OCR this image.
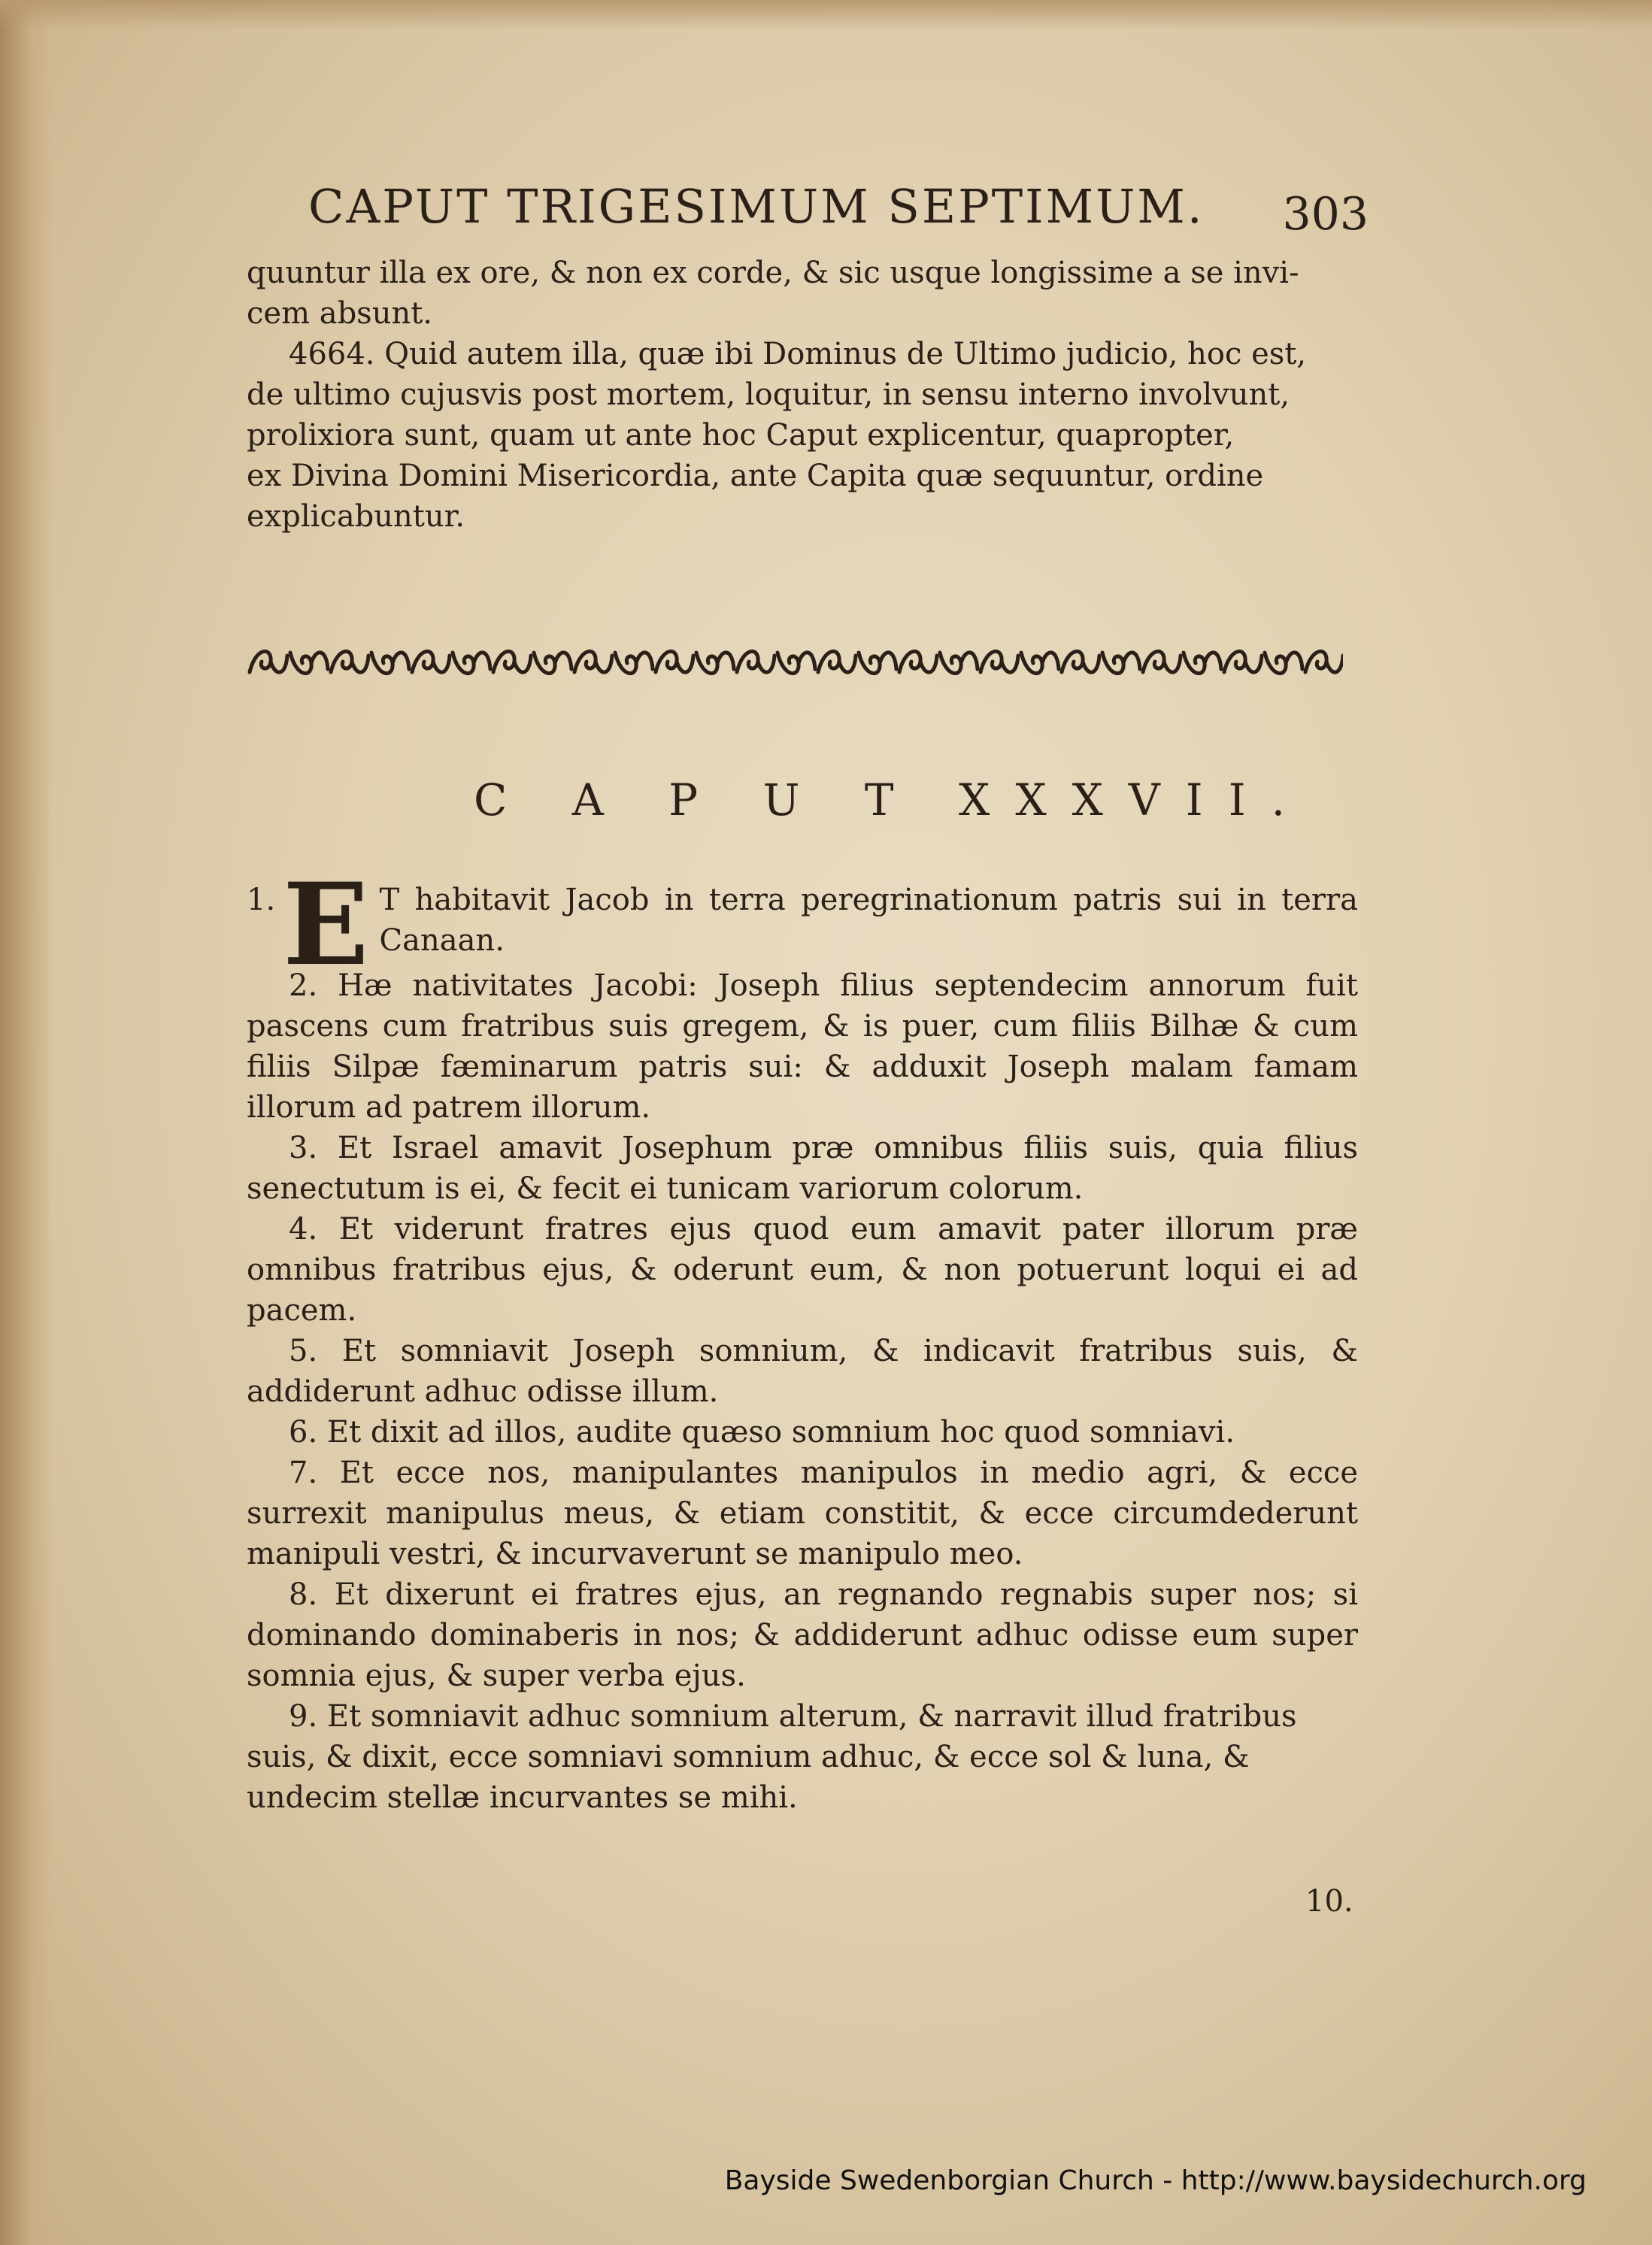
CAPUT TRIGESIMUM SEPTIMUM.	303

quuntur illa ex ore, & non ex corde, & sic usque longissime a se invi-

cem absunt.

4664. Quid autem illa, quæ ibi Dominus de Ultimo judicio, hoc est,

de ultimo cujusvis post mortem, loquitur, in sensu interno involvunt,

prolixiora sunt, quam ut ante hoc Caput explicentur, quapropter,

ex Divina Domini Misericordia, ante Capita quæ sequuntur, ordine

explicabuntur.

C A P U T XXXVII.

1. E T habitavit Jacob in terra peregrinationum patris sui in terra Canaan.

2. Hæ nativitates Jacobi: Joseph filius septendecim annorum fuit pascens cum fratribus suis gregem, & is puer, cum filiis Bilhæ & cum filiis Silpæ fæminarum patris sui: & adduxit Joseph malam famam illorum ad patrem illorum.

3. Et Israel amavit Josephum præ omnibus filiis suis, quia filius senectutum is ei, & fecit ei tunicam variorum colorum.

4. Et viderunt fratres ejus quod eum amavit pater illorum præ omnibus fratribus ejus, & oderunt eum, & non potuerunt loqui ei ad pacem.

5. Et somniavit Joseph somnium, & indicavit fratribus suis, & addiderunt adhuc odisse illum.

6. Et dixit ad illos, audite quæso somnium hoc quod somniavi.

7. Et ecce nos, manipulantes manipulos in medio agri, & ecce surrexit manipulus meus, & etiam constitit, & ecce circumdederunt manipuli vestri, & incurvaverunt se manipulo meo.

8. Et dixerunt ei fratres ejus, an regnando regnabis super nos; si dominando dominaberis in nos; & addiderunt adhuc odisse eum super somnia ejus, & super verba ejus.

9. Et somniavit adhuc somnium alterum, & narravit illud fratribus suis, & dixit, ecce somniavi somnium adhuc, & ecce sol & luna, & undecim stellæ incurvantes se mihi.

10.
Bayside Swedenborgian Church - http://www.baysidechurch.org
